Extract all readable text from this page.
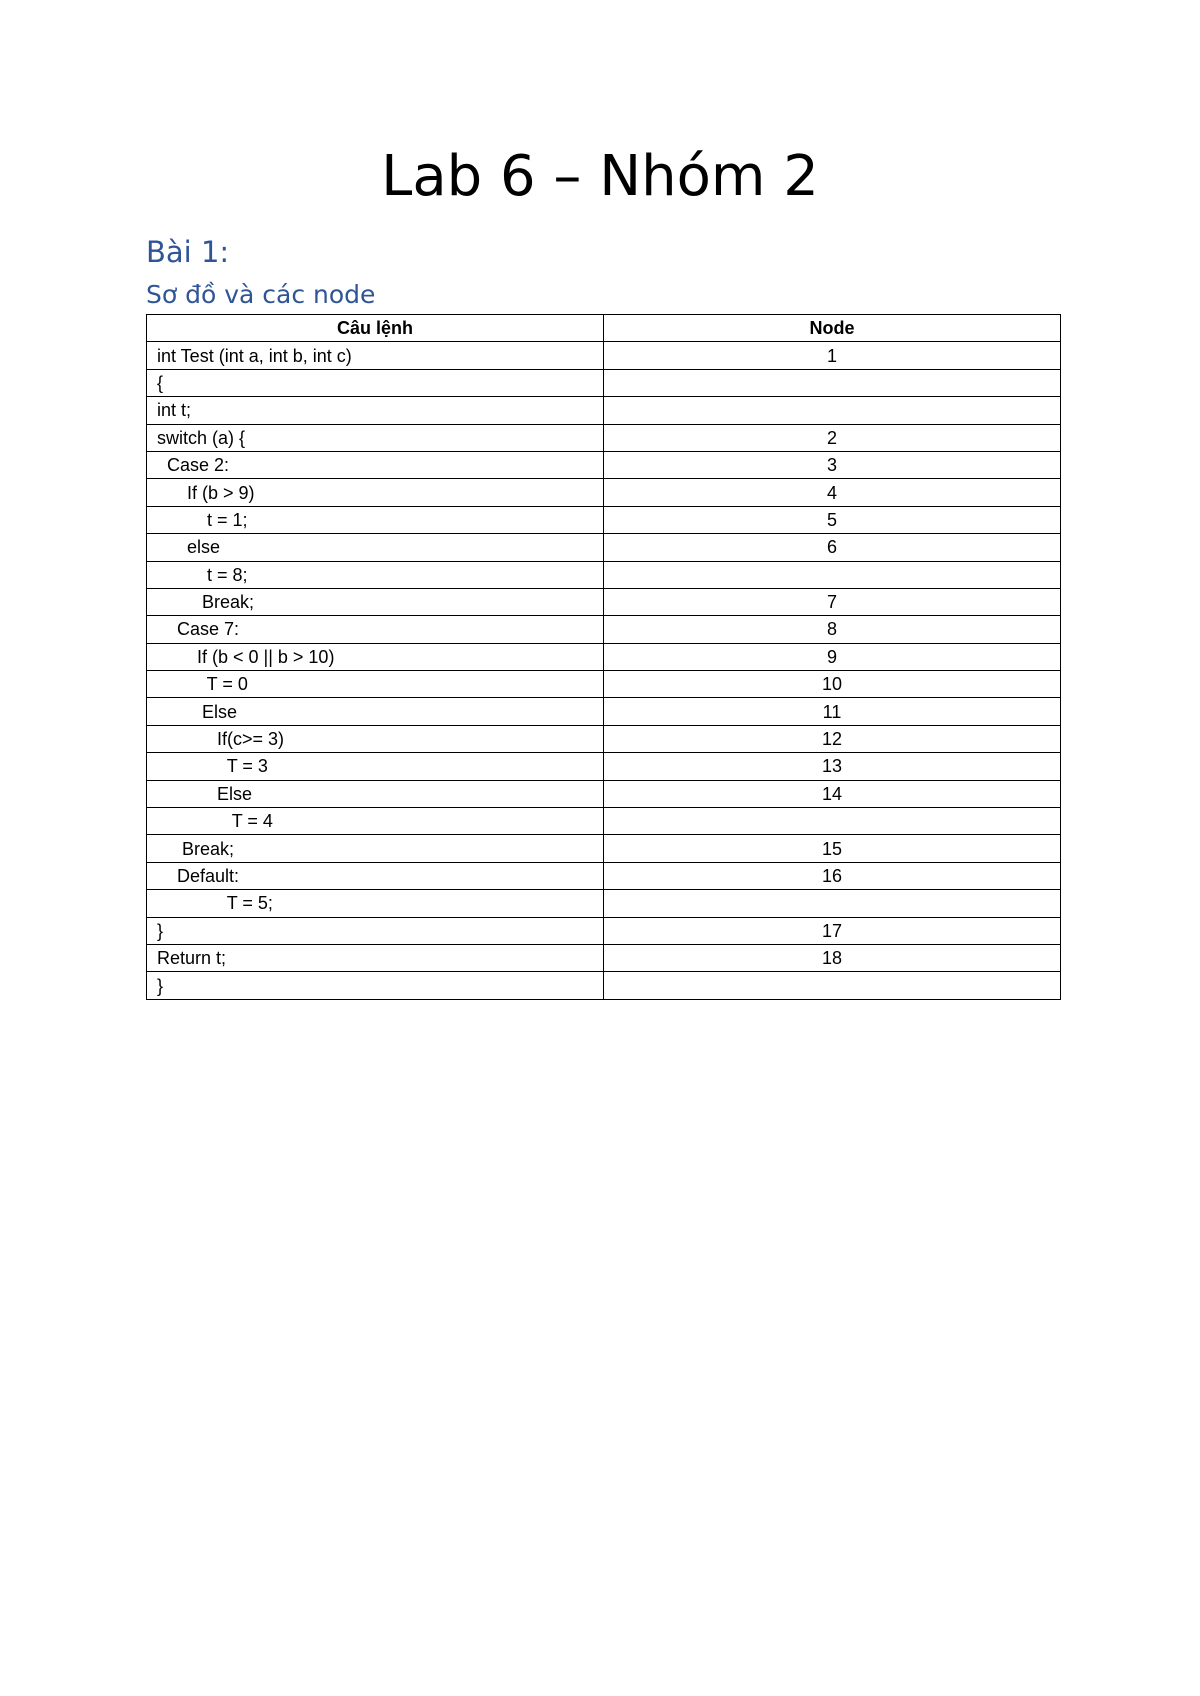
Lab 6 – Nhóm 2
Bài 1:
Sơ đồ và các node
Câu lệnh	Node
int Test (int a, int b, int c)	1
{	
int t;	
switch (a) {	2
Case 2:	3
If (b > 9)	4
t = 1;	5
else	6
t = 8;	
Break;	7
Case 7:	8
If (b < 0 || b > 10)	9
T = 0	10
Else	11
If(c>= 3)	12
T = 3	13
Else	14
T = 4	
Break;	15
Default:	16
T = 5;	
}	17
Return t;	18
}	
